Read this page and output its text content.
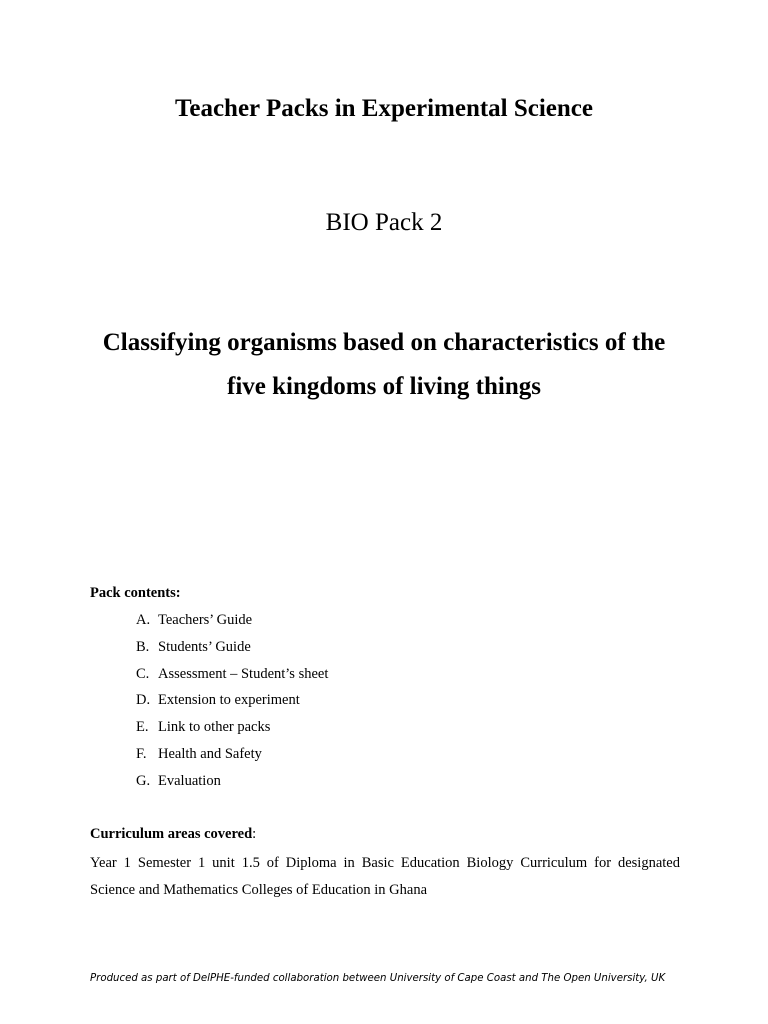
Teacher Packs in Experimental Science
BIO Pack 2
Classifying organisms based on characteristics of the
five kingdoms of living things
Pack contents:
A. Teachers’ Guide
B. Students’ Guide
C. Assessment – Student’s sheet
D. Extension to experiment
E. Link to other packs
F. Health and Safety
G. Evaluation
Curriculum areas covered:
Year 1 Semester 1 unit 1.5 of Diploma in Basic Education Biology Curriculum for designated Science and Mathematics Colleges of Education in Ghana
Produced as part of DelPHE-funded collaboration between University of Cape Coast and The Open University, UK
